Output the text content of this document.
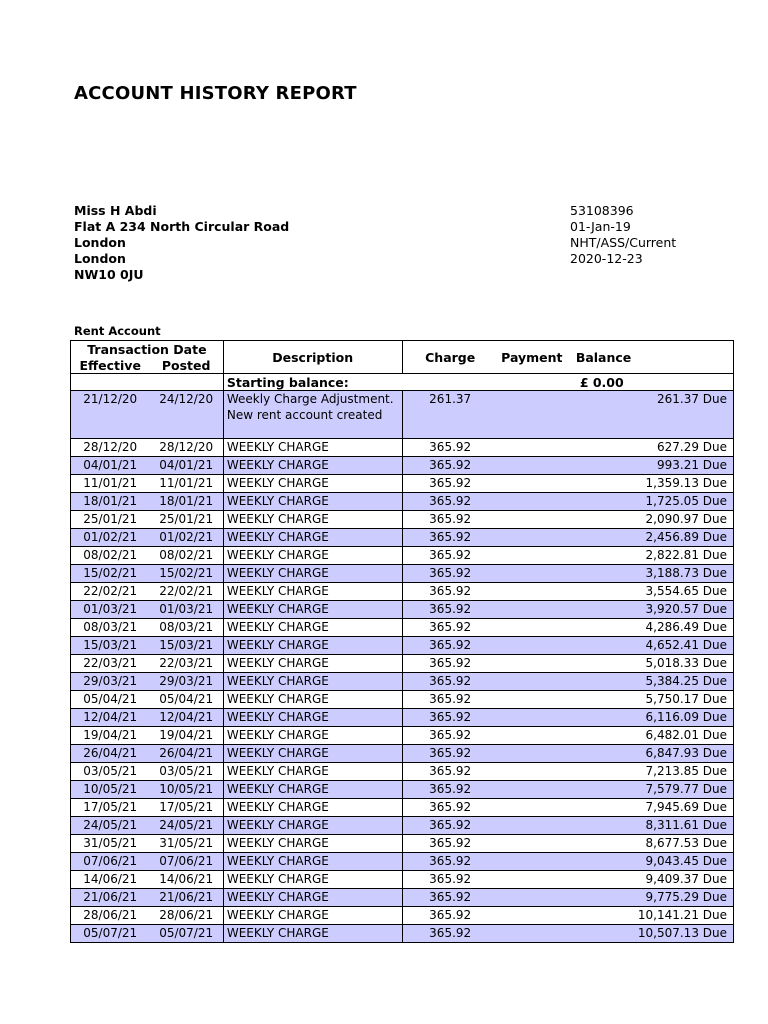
ACCOUNT HISTORY REPORT
Miss H Abdi
Flat A 234 North Circular Road
London
London
NW10 0JU
53108396
01-Jan-19
NHT/ASS/Current
2020-12-23
Rent Account
Transaction Date		Description	Charge	Payment	Balance
Effective	Posted				
		Starting balance:			£ 0.00
21/12/20	24/12/20	Weekly Charge Adjustment. New rent account created	261.37		261.37 Due
28/12/20	28/12/20	WEEKLY CHARGE	365.92		627.29 Due
04/01/21	04/01/21	WEEKLY CHARGE	365.92		993.21 Due
11/01/21	11/01/21	WEEKLY CHARGE	365.92		1,359.13 Due
18/01/21	18/01/21	WEEKLY CHARGE	365.92		1,725.05 Due
25/01/21	25/01/21	WEEKLY CHARGE	365.92		2,090.97 Due
01/02/21	01/02/21	WEEKLY CHARGE	365.92		2,456.89 Due
08/02/21	08/02/21	WEEKLY CHARGE	365.92		2,822.81 Due
15/02/21	15/02/21	WEEKLY CHARGE	365.92		3,188.73 Due
22/02/21	22/02/21	WEEKLY CHARGE	365.92		3,554.65 Due
01/03/21	01/03/21	WEEKLY CHARGE	365.92		3,920.57 Due
08/03/21	08/03/21	WEEKLY CHARGE	365.92		4,286.49 Due
15/03/21	15/03/21	WEEKLY CHARGE	365.92		4,652.41 Due
22/03/21	22/03/21	WEEKLY CHARGE	365.92		5,018.33 Due
29/03/21	29/03/21	WEEKLY CHARGE	365.92		5,384.25 Due
05/04/21	05/04/21	WEEKLY CHARGE	365.92		5,750.17 Due
12/04/21	12/04/21	WEEKLY CHARGE	365.92		6,116.09 Due
19/04/21	19/04/21	WEEKLY CHARGE	365.92		6,482.01 Due
26/04/21	26/04/21	WEEKLY CHARGE	365.92		6,847.93 Due
03/05/21	03/05/21	WEEKLY CHARGE	365.92		7,213.85 Due
10/05/21	10/05/21	WEEKLY CHARGE	365.92		7,579.77 Due
17/05/21	17/05/21	WEEKLY CHARGE	365.92		7,945.69 Due
24/05/21	24/05/21	WEEKLY CHARGE	365.92		8,311.61 Due
31/05/21	31/05/21	WEEKLY CHARGE	365.92		8,677.53 Due
07/06/21	07/06/21	WEEKLY CHARGE	365.92		9,043.45 Due
14/06/21	14/06/21	WEEKLY CHARGE	365.92		9,409.37 Due
21/06/21	21/06/21	WEEKLY CHARGE	365.92		9,775.29 Due
28/06/21	28/06/21	WEEKLY CHARGE	365.92		10,141.21 Due
05/07/21	05/07/21	WEEKLY CHARGE	365.92		10,507.13 Due
